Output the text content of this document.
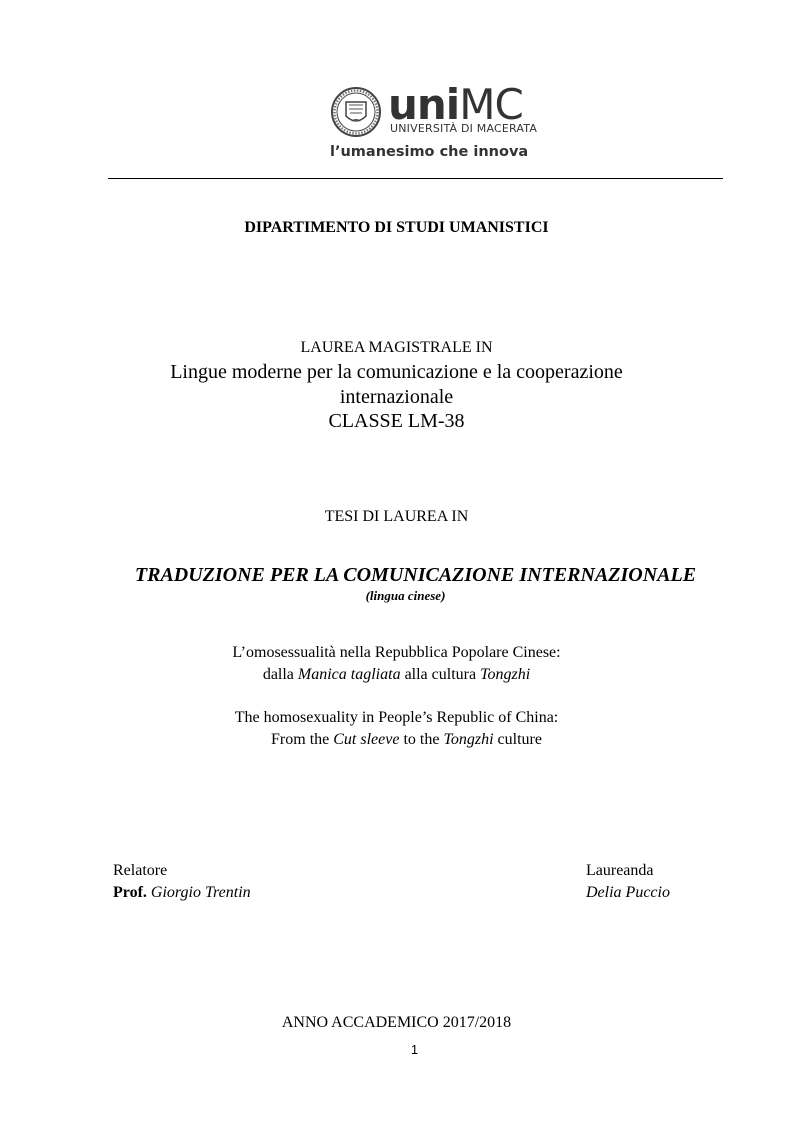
uniMC
UNIVERSITÀ DI MACERATA
l’umanesimo che innova
DIPARTIMENTO DI STUDI UMANISTICI
LAUREA MAGISTRALE IN
Lingue moderne per la comunicazione e la cooperazione
internazionale
CLASSE LM-38
TESI DI LAUREA IN
TRADUZIONE PER LA COMUNICAZIONE INTERNAZIONALE
(lingua cinese)
L’omosessualità nella Repubblica Popolare Cinese:
dalla Manica tagliata alla cultura Tongzhi
The homosexuality in People’s Republic of China:
From the Cut sleeve to the Tongzhi culture
Relatore
Prof. Giorgio Trentin
Laureanda
Delia Puccio
ANNO ACCADEMICO 2017/2018
1
